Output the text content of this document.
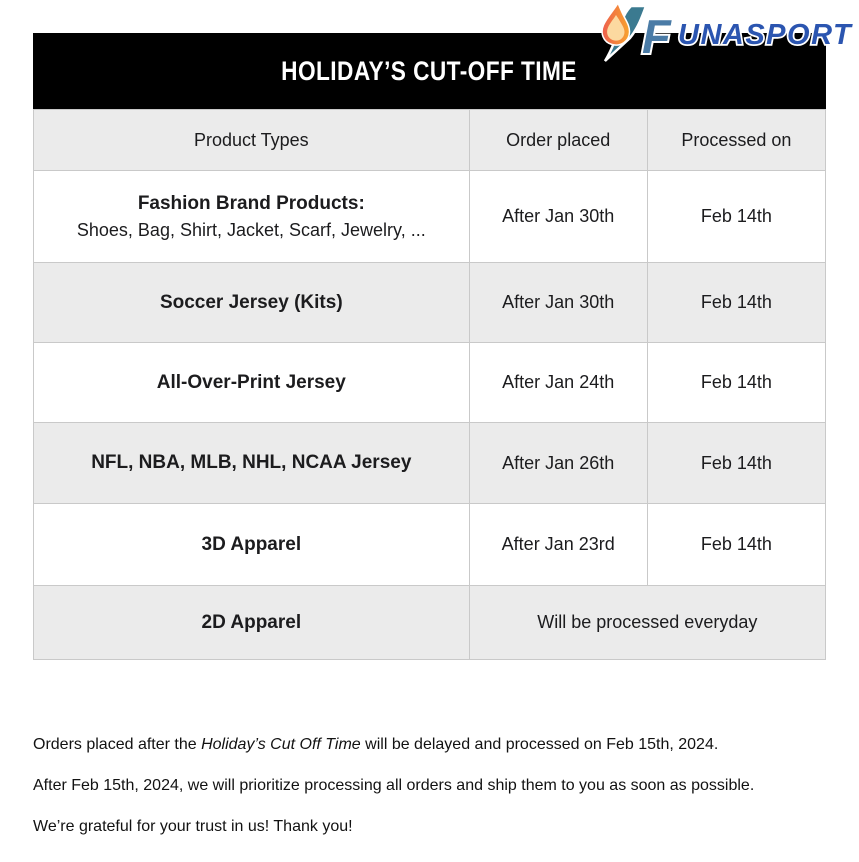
F UNASPORT
HOLIDAY’S CUT-OFF TIME
Product Types	Order placed	Processed on

Fashion Brand Products:
Shoes, Bag, Shirt, Jacket, Scarf, Jewelry, ...	After Jan 30th	Feb 14th

Soccer Jersey (Kits)	After Jan 30th	Feb 14th

All-Over-Print Jersey	After Jan 24th	Feb 14th

NFL, NBA, MLB, NHL, NCAA Jersey	After Jan 26th	Feb 14th

3D Apparel	After Jan 23rd	Feb 14th

2D Apparel	Will be processed everyday	

Orders placed after the Holiday’s Cut Off Time will be delayed and processed on Feb 15th, 2024.

After Feb 15th, 2024, we will prioritize processing all orders and ship them to you as soon as possible.

We’re grateful for your trust in us! Thank you!
